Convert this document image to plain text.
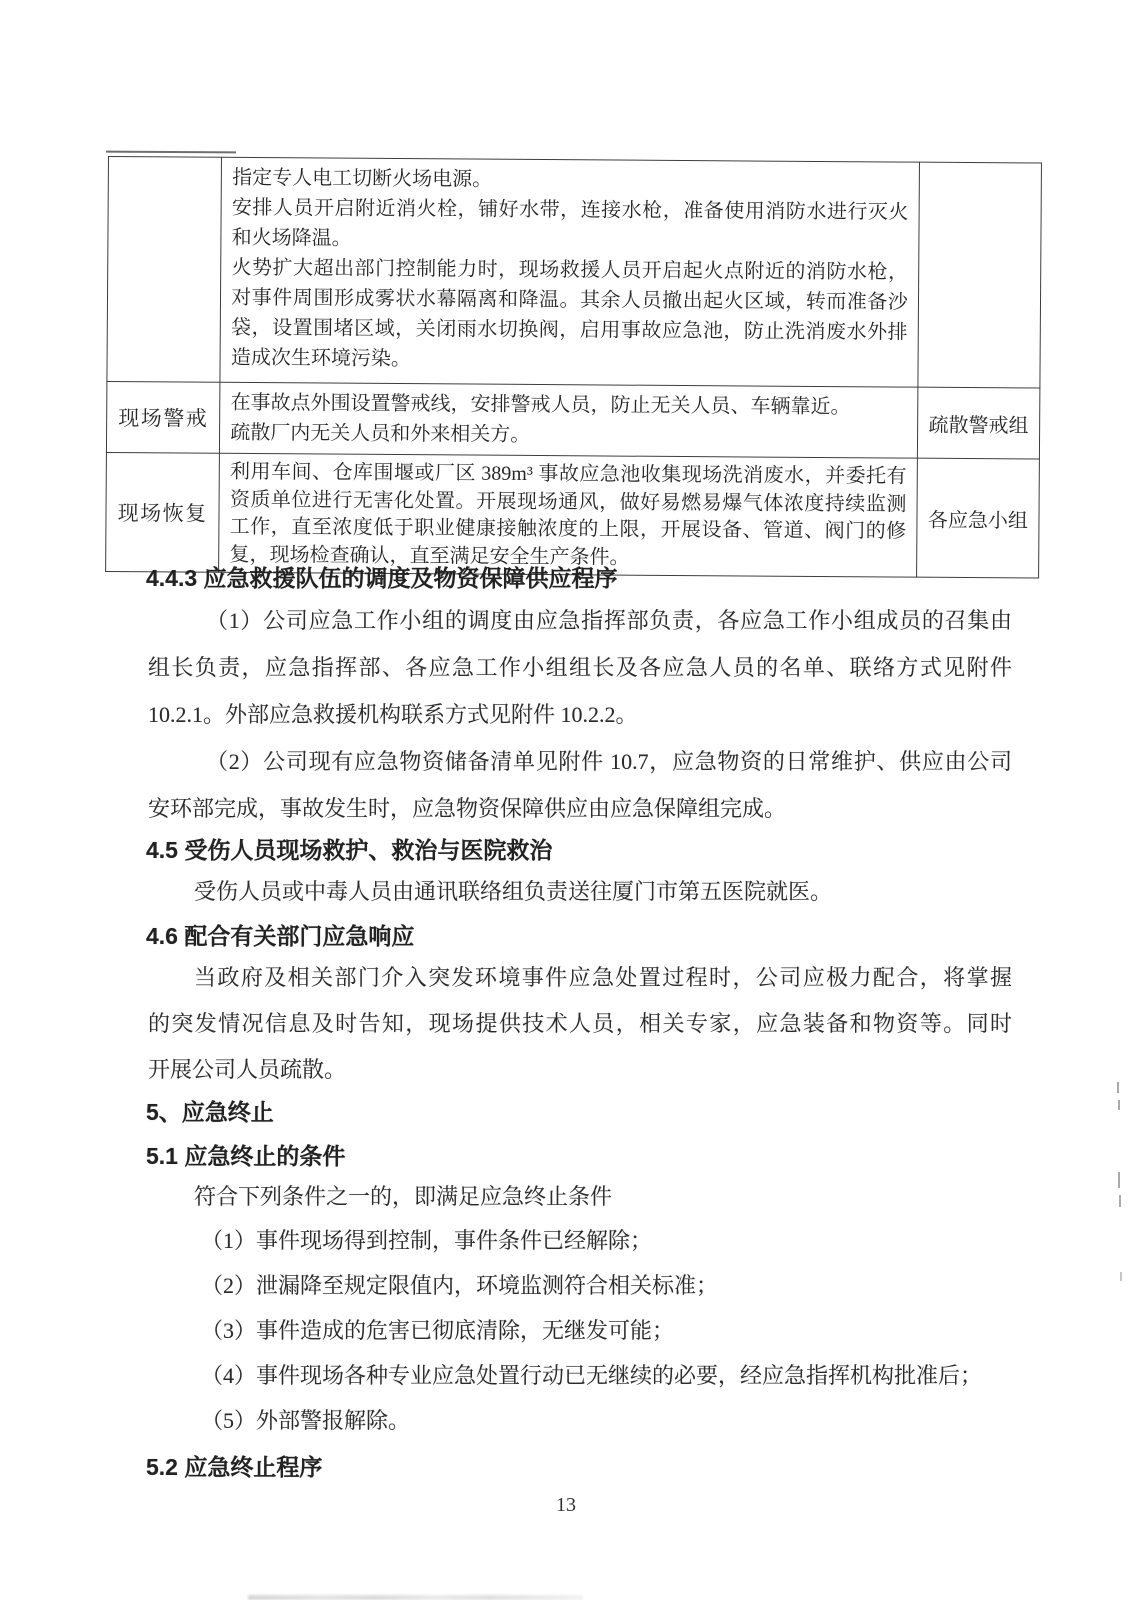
指定专人电工切断火场电源。
安排人员开启附近消火栓，铺好水带，连接水枪，准备使用消防水进行灭火
和火场降温。
火势扩大超出部门控制能力时，现场救援人员开启起火点附近的消防水枪，
对事件周围形成雾状水幕隔离和降温。其余人员撤出起火区域，转而准备沙
袋，设置围堵区域，关闭雨水切换阀，启用事故应急池，防止洗消废水外排
造成次生环境污染。

现场警戒	在事故点外围设置警戒线，安排警戒人员，防止无关人员、车辆靠近。
疏散厂内无关人员和外来相关方。	疏散警戒组
现场恢复	利用车间、仓库围堰或厂区 389m³ 事故应急池收集现场洗消废水，并委托有
资质单位进行无害化处置。开展现场通风，做好易燃易爆气体浓度持续监测
工作，直至浓度低于职业健康接触浓度的上限，开展设备、管道、阀门的修
复，现场检查确认，直至满足安全生产条件。	各应急小组
4.4.3 应急救援队伍的调度及物资保障供应程序
（1）公司应急工作小组的调度由应急指挥部负责，各应急工作小组成员的召集由
组长负责，应急指挥部、各应急工作小组组长及各应急人员的名单、联络方式见附件
10.2.1。外部应急救援机构联系方式见附件 10.2.2。
（2）公司现有应急物资储备清单见附件 10.7，应急物资的日常维护、供应由公司
安环部完成，事故发生时，应急物资保障供应由应急保障组完成。
4.5 受伤人员现场救护、救治与医院救治
受伤人员或中毒人员由通讯联络组负责送往厦门市第五医院就医。
4.6 配合有关部门应急响应
当政府及相关部门介入突发环境事件应急处置过程时，公司应极力配合，将掌握
的突发情况信息及时告知，现场提供技术人员，相关专家，应急装备和物资等。同时
开展公司人员疏散。
5、应急终止
5.1 应急终止的条件
符合下列条件之一的，即满足应急终止条件
（1）事件现场得到控制，事件条件已经解除；
（2）泄漏降至规定限值内，环境监测符合相关标准；
（3）事件造成的危害已彻底清除，无继发可能；
（4）事件现场各种专业应急处置行动已无继续的必要，经应急指挥机构批准后；
（5）外部警报解除。
5.2 应急终止程序
13
